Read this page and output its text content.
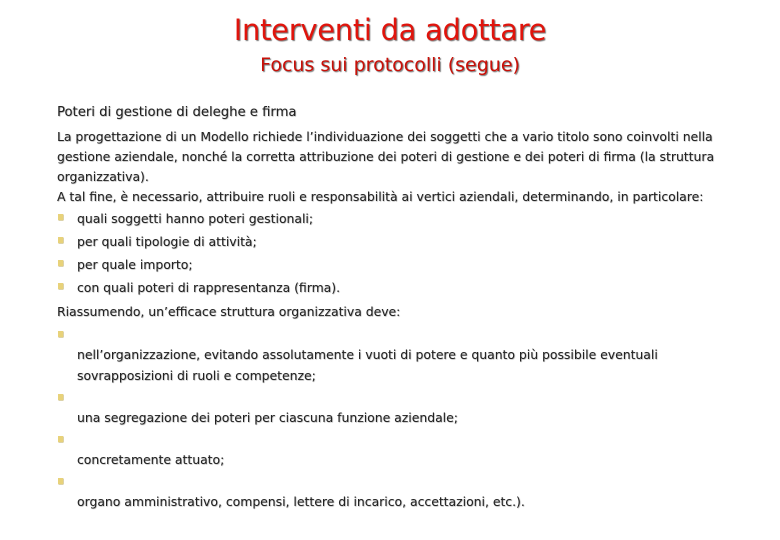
Interventi da adottare
Focus sui protocolli (segue)
Poteri di gestione di deleghe e firma

La progettazione di un Modello richiede l’individuazione dei soggetti che a vario titolo sono coinvolti nella gestione aziendale, nonché la corretta attribuzione dei poteri di gestione e dei poteri di firma (la struttura organizzativa).

A tal fine, è necessario, attribuire ruoli e responsabilità ai vertici aziendali, determinando, in particolare:

quali soggetti hanno poteri gestionali;
per quali tipologie di attività;
per quale importo;
con quali poteri di rappresentanza (firma).
Riassumendo, un’efficace struttura organizzativa deve:
nell’organizzazione, evitando assolutamente i vuoti di potere e quanto più possibile eventuali sovrapposizioni di ruoli e competenze;
una segregazione dei poteri per ciascuna funzione aziendale;
concretamente attuato;
organo amministrativo, compensi, lettere di incarico, accettazioni, etc.).
